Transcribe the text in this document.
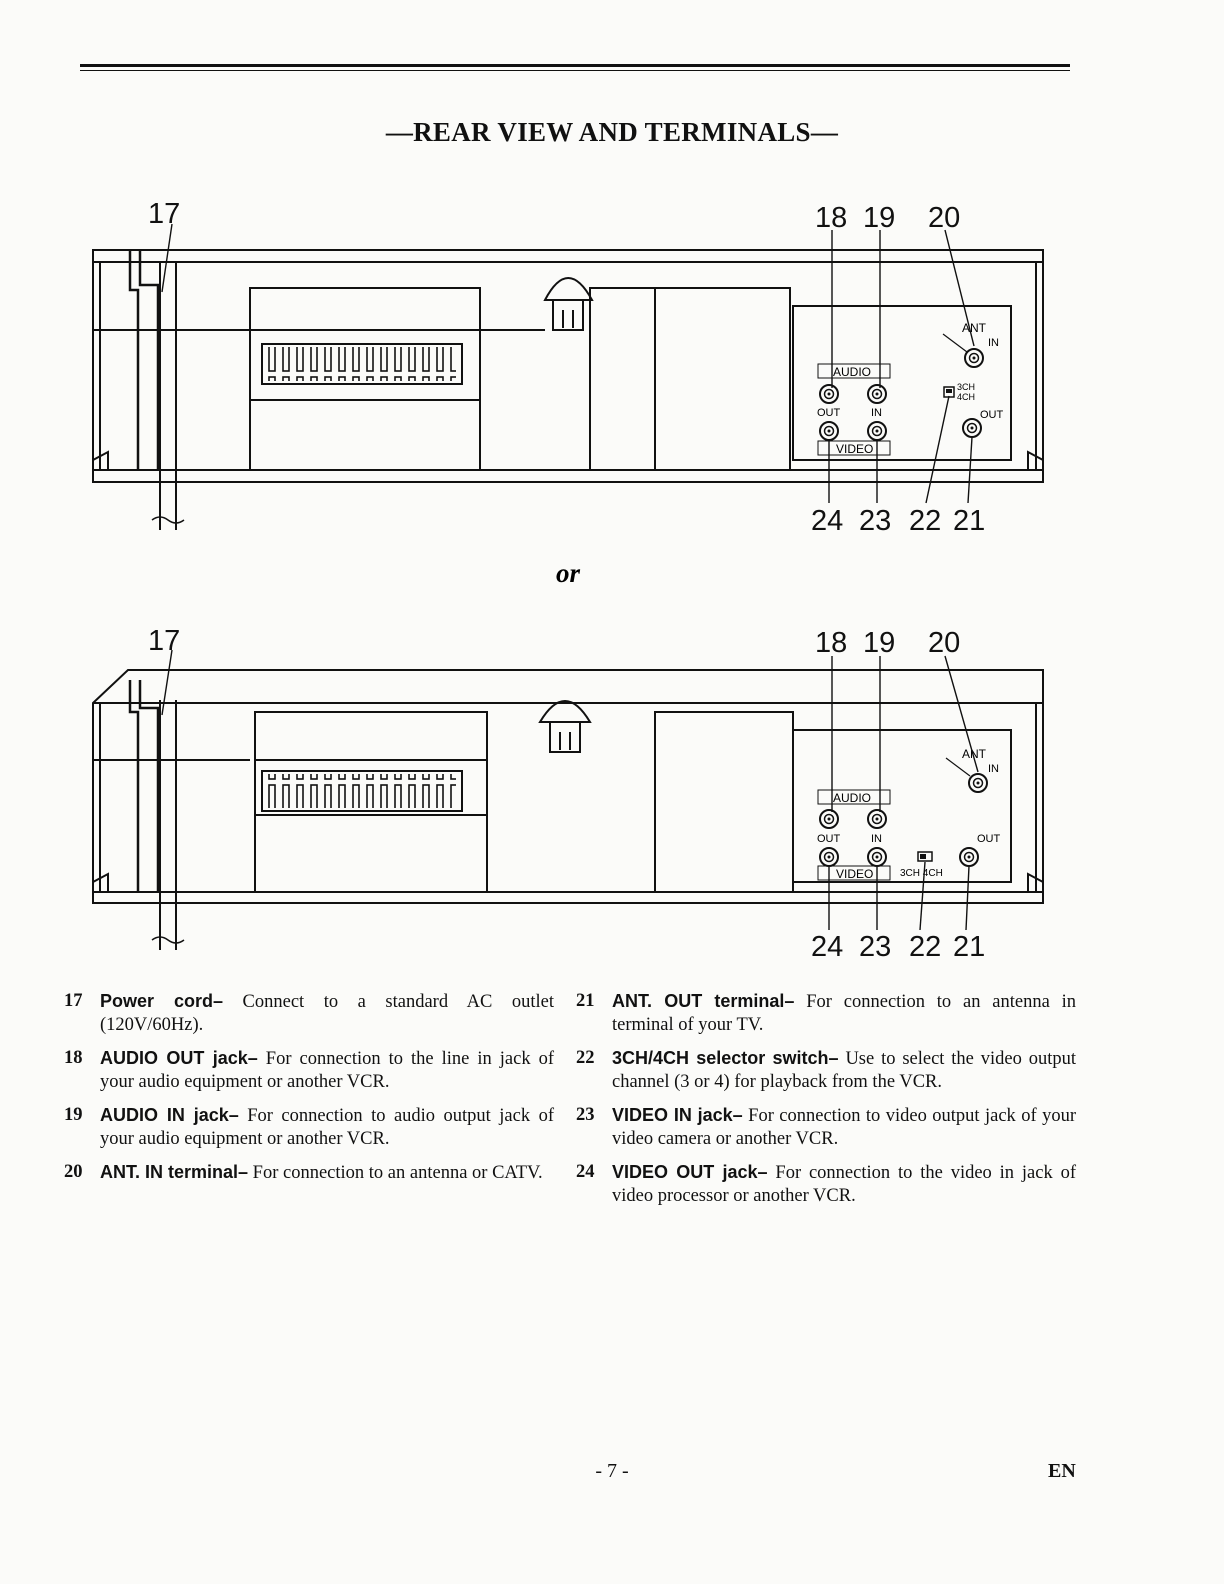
—REAR VIEW AND TERMINALS—
ANT
IN
AUDIO
OUT	IN
VIDEO
3CH
4CH
OUT
17	18 19 20
24 23 22 21
or
ANT
IN
AUDIO
OUT	IN
VIDEO	3CH 4CH
OUT
17	18 19 20
24 23 22 21
17 Power cord– Connect to a standard AC outlet (120V/60Hz).
18 AUDIO OUT jack– For connection to the line in jack of your audio equipment or another VCR.
19 AUDIO IN jack– For connection to audio output jack of your audio equipment or another VCR.
20 ANT. IN terminal– For connection to an antenna or CATV.
21 ANT. OUT terminal– For connection to an antenna in terminal of your TV.
22 3CH/4CH selector switch– Use to select the video output channel (3 or 4) for playback from the VCR.
23 VIDEO IN jack– For connection to video output jack of your video camera or another VCR.
24 VIDEO OUT jack– For connection to the video in jack of video processor or another VCR.
- 7 -	EN
